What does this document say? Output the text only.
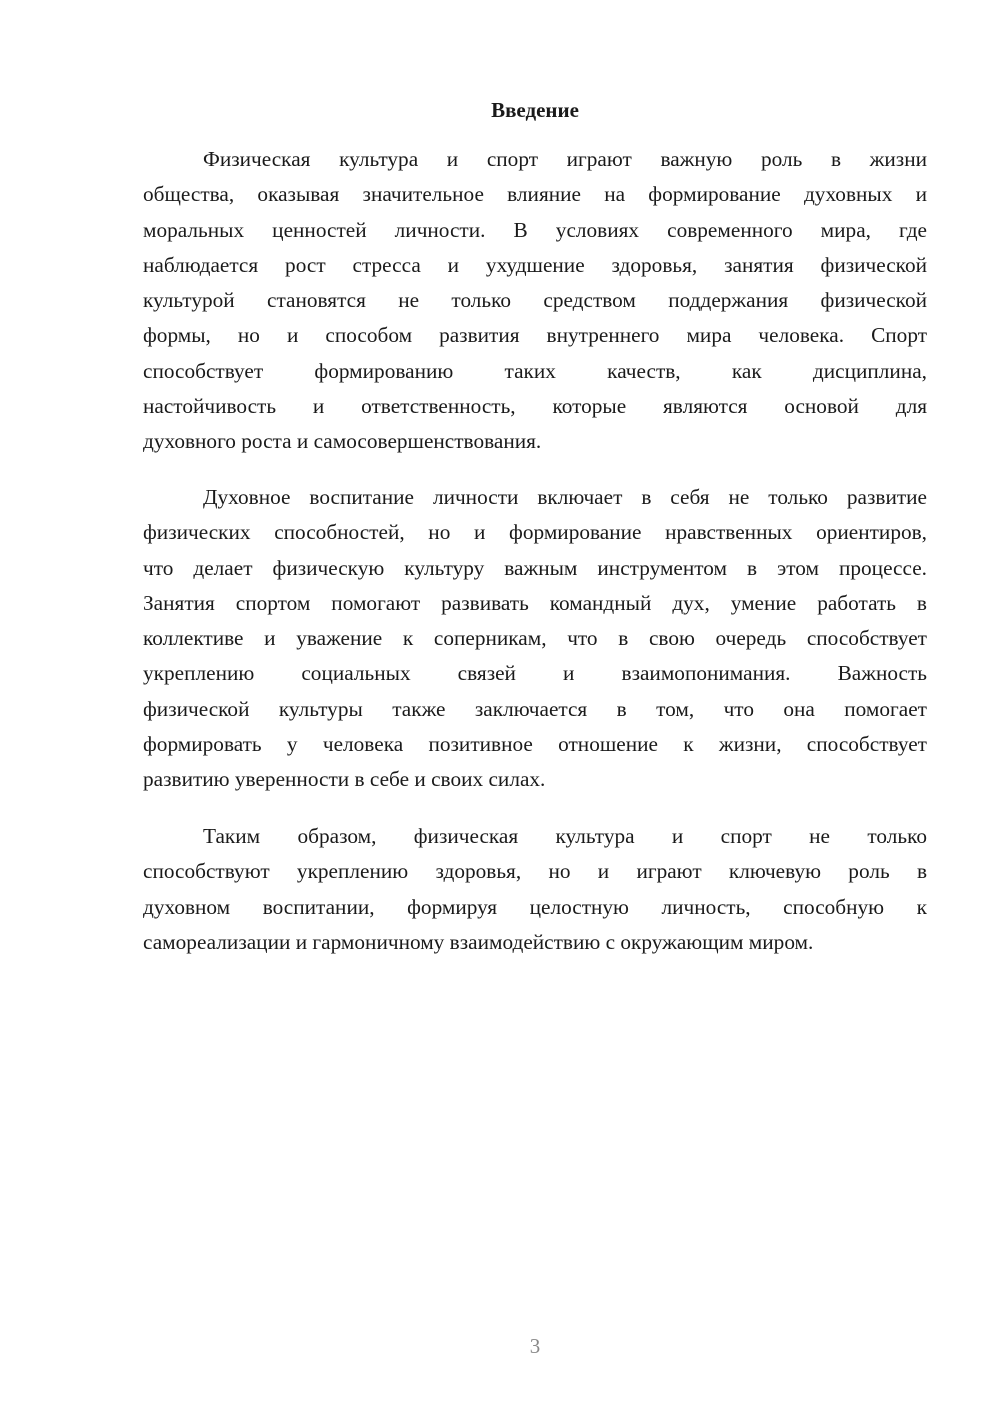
Введение
Физическая культура и спорт играют важную роль в жизни
общества, оказывая значительное влияние на формирование духовных и
моральных ценностей личности. В условиях современного мира, где
наблюдается рост стресса и ухудшение здоровья, занятия физической
культурой становятся не только средством поддержания физической
формы, но и способом развития внутреннего мира человека. Спорт
способствует формированию таких качеств, как дисциплина,
настойчивость и ответственность, которые являются основой для
духовного роста и самосовершенствования.
Духовное воспитание личности включает в себя не только развитие
физических способностей, но и формирование нравственных ориентиров,
что делает физическую культуру важным инструментом в этом процессе.
Занятия спортом помогают развивать командный дух, умение работать в
коллективе и уважение к соперникам, что в свою очередь способствует
укреплению социальных связей и взаимопонимания. Важность
физической культуры также заключается в том, что она помогает
формировать у человека позитивное отношение к жизни, способствует
развитию уверенности в себе и своих силах.
Таким образом, физическая культура и спорт не только
способствуют укреплению здоровья, но и играют ключевую роль в
духовном воспитании, формируя целостную личность, способную к
самореализации и гармоничному взаимодействию с окружающим миром.
3
